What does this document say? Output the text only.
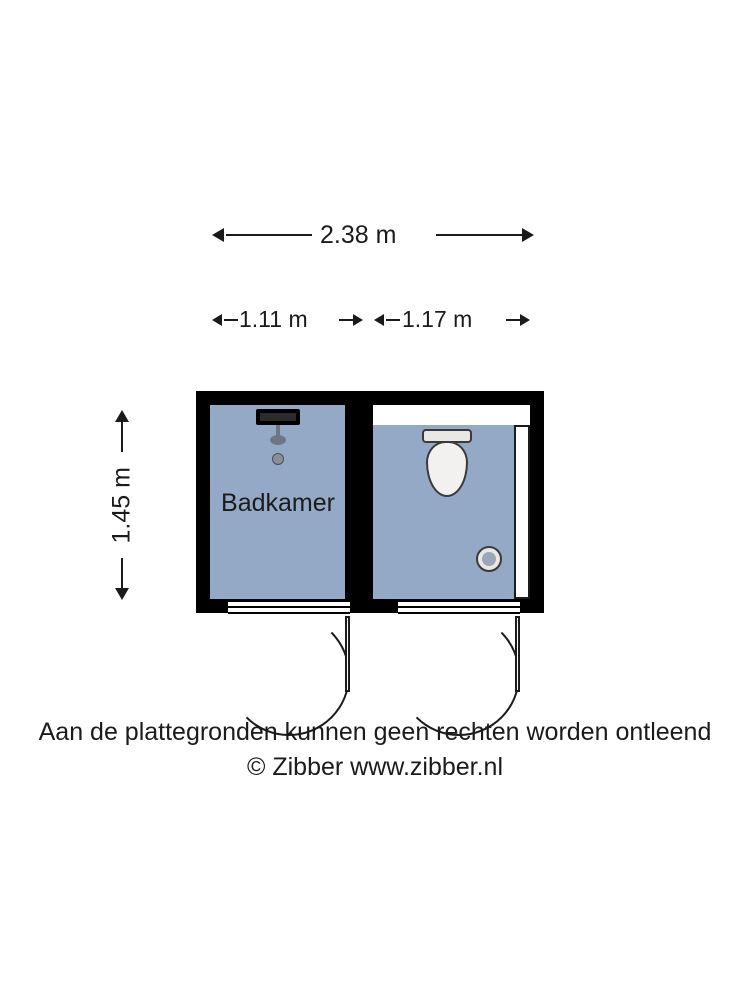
2.38 m
1.11 m	1.17 m
1.45 m	Badkamer
Aan de plattegronden kunnen geen rechten worden ontleend
© Zibber www.zibber.nl
